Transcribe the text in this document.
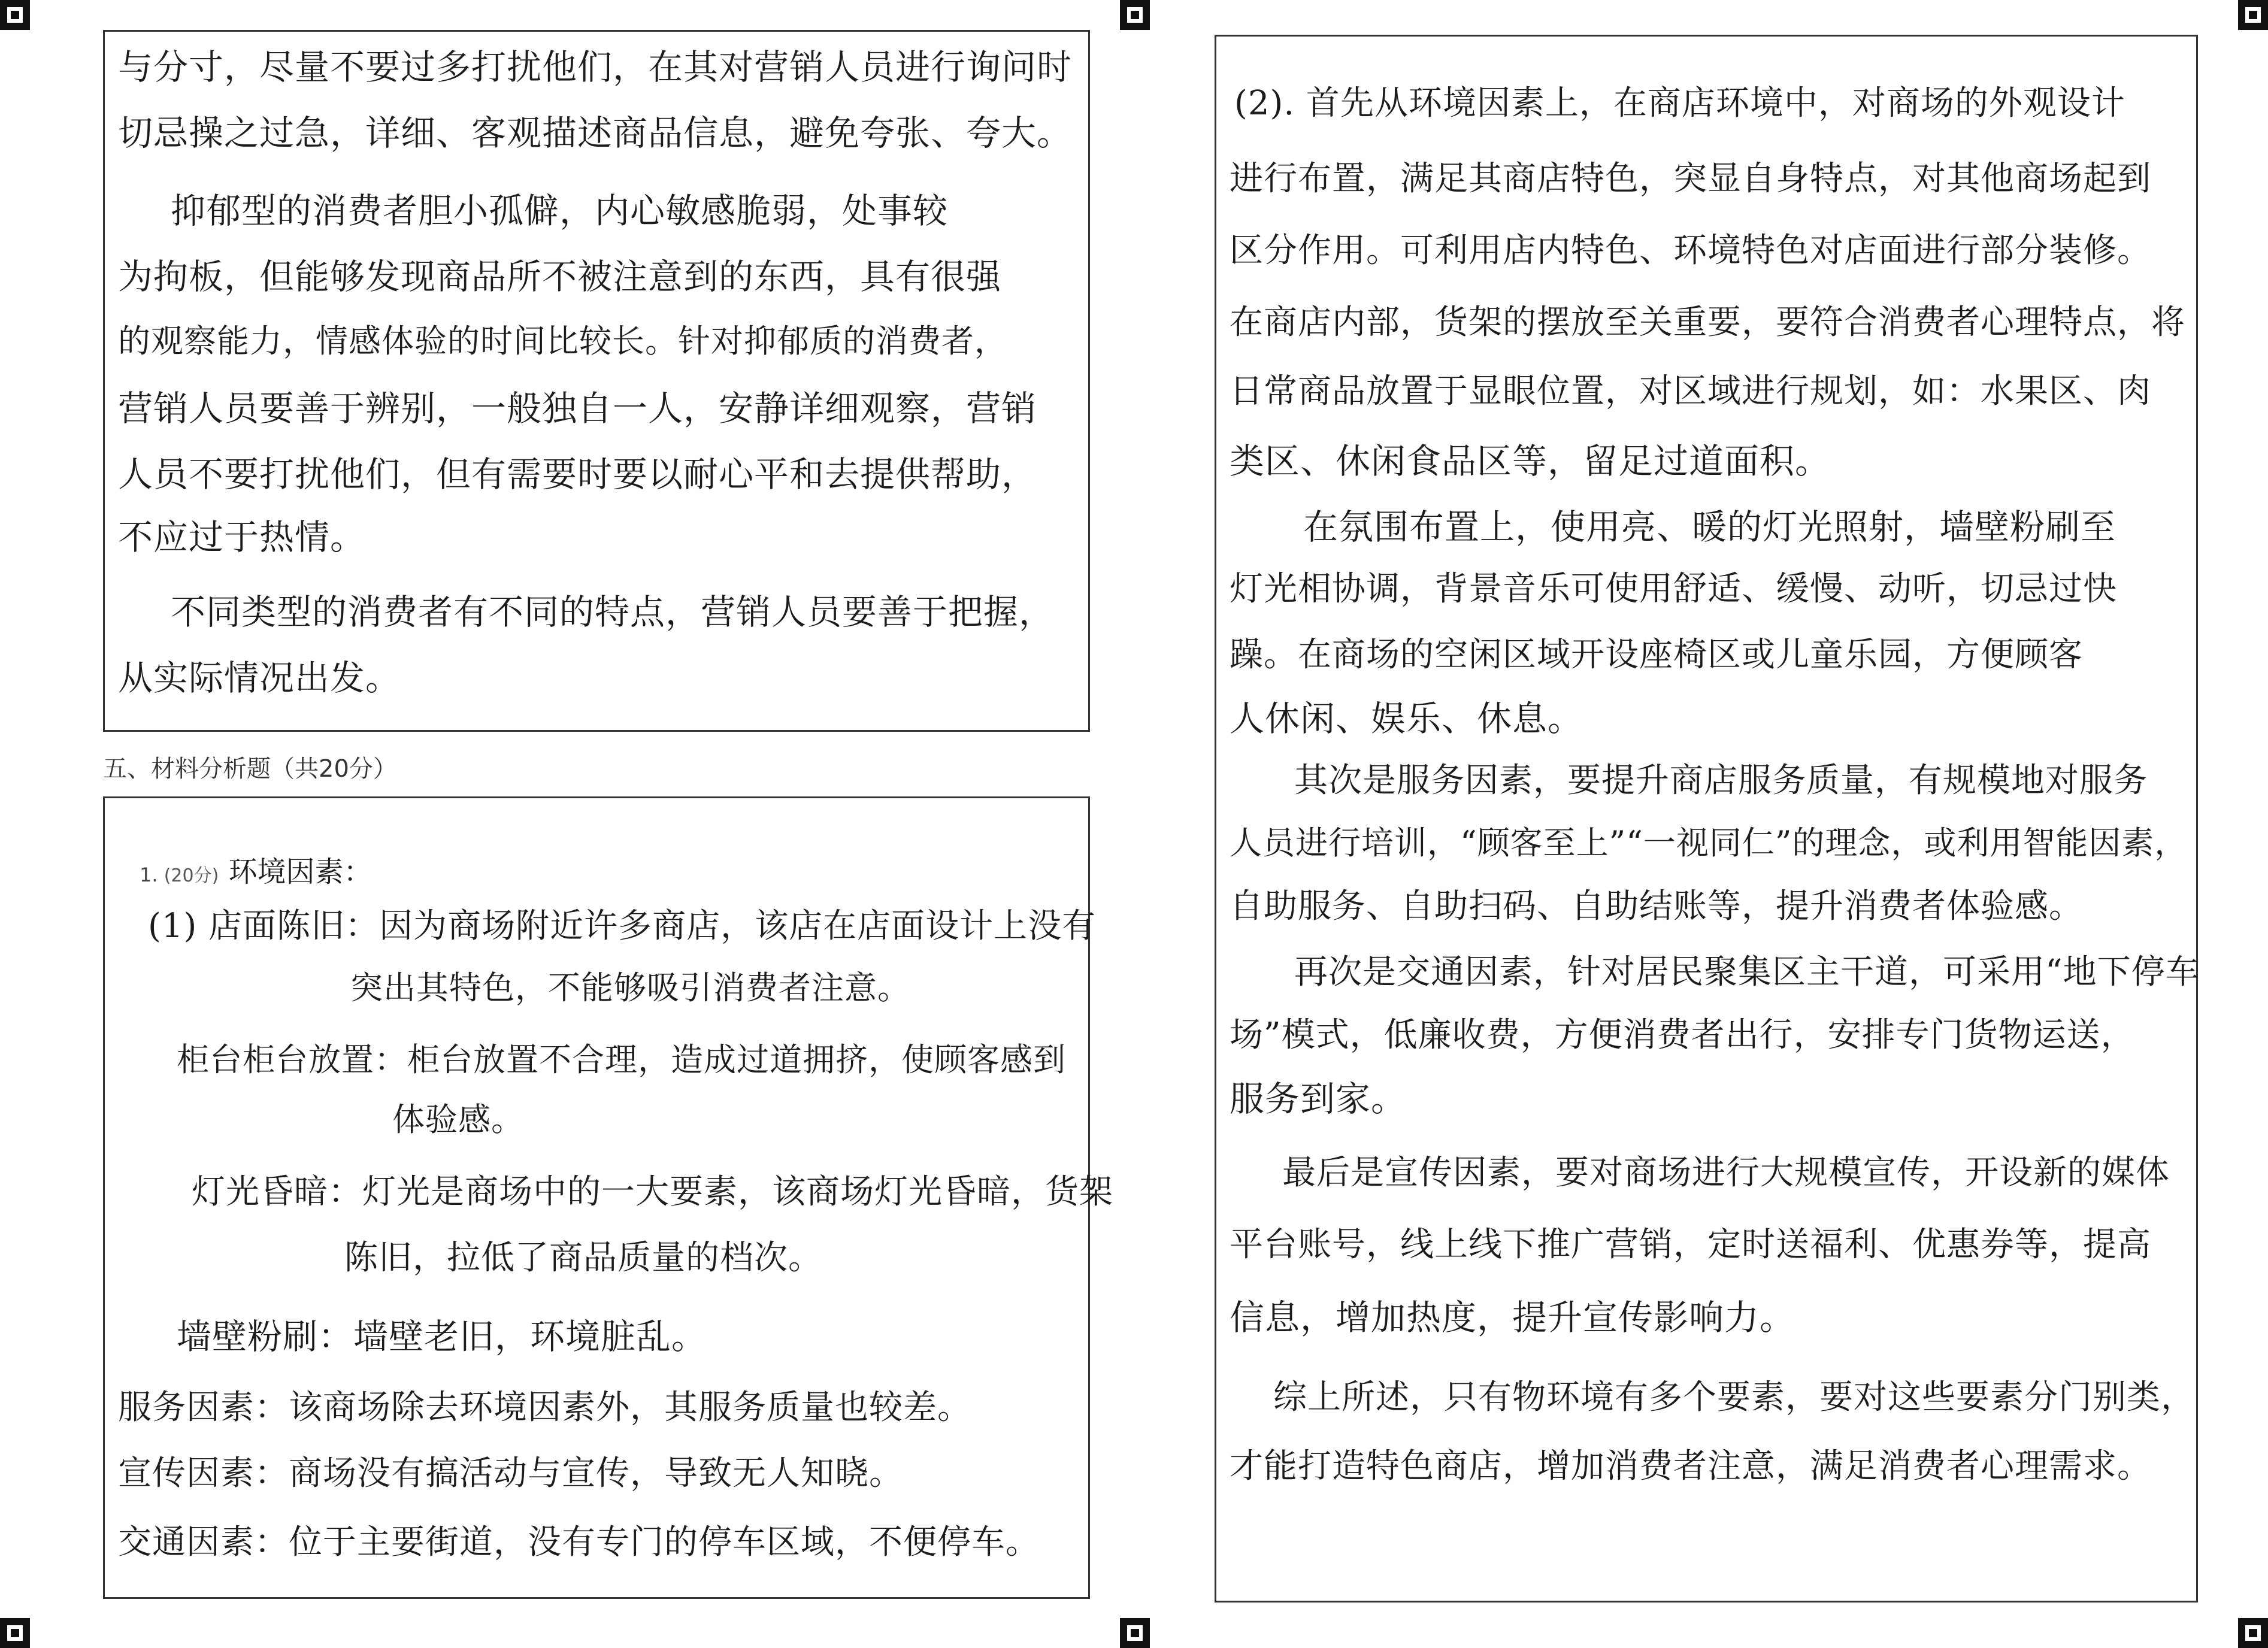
与分寸，尽量不要过多打扰他们，在其对营销人员进行询问时
切忌操之过急，详细、客观描述商品信息，避免夸张、夸大。
抑郁型的消费者胆小孤僻，内心敏感脆弱，处事较
为拘板，但能够发现商品所不被注意到的东西，具有很强
的观察能力，情感体验的时间比较长。针对抑郁质的消费者，
营销人员要善于辨别，一般独自一人，安静详细观察，营销
人员不要打扰他们，但有需要时要以耐心平和去提供帮助，
不应过于热情。
不同类型的消费者有不同的特点，营销人员要善于把握，
从实际情况出发。
五、材料分析题（共20分）
1. (20分) 环境因素：
(1) 店面陈旧：因为商场附近许多商店，该店在店面设计上没有
突出其特色，不能够吸引消费者注意。
柜台柜台放置：柜台放置不合理，造成过道拥挤，使顾客感到
体验感。
灯光昏暗：灯光是商场中的一大要素，该商场灯光昏暗，货架
陈旧，拉低了商品质量的档次。
墙壁粉刷：墙壁老旧，环境脏乱。
服务因素：该商场除去环境因素外，其服务质量也较差。
宣传因素：商场没有搞活动与宣传，导致无人知晓。
交通因素：位于主要街道，没有专门的停车区域，不便停车。
(2). 首先从环境因素上，在商店环境中，对商场的外观设计
进行布置，满足其商店特色，突显自身特点，对其他商场起到
区分作用。可利用店内特色、环境特色对店面进行部分装修。
在商店内部，货架的摆放至关重要，要符合消费者心理特点，将
日常商品放置于显眼位置，对区域进行规划，如：水果区、肉
类区、休闲食品区等，留足过道面积。
在氛围布置上，使用亮、暖的灯光照射，墙壁粉刷至
灯光相协调，背景音乐可使用舒适、缓慢、动听，切忌过快
躁。在商场的空闲区域开设座椅区或儿童乐园，方便顾客
人休闲、娱乐、休息。
其次是服务因素，要提升商店服务质量，有规模地对服务
人员进行培训，“顾客至上”“一视同仁”的理念，或利用智能因素，
自助服务、自助扫码、自助结账等，提升消费者体验感。
再次是交通因素，针对居民聚集区主干道，可采用“地下停车
场”模式，低廉收费，方便消费者出行，安排专门货物运送，
服务到家。
最后是宣传因素，要对商场进行大规模宣传，开设新的媒体
平台账号，线上线下推广营销，定时送福利、优惠券等，提高
信息，增加热度，提升宣传影响力。
综上所述，只有物环境有多个要素，要对这些要素分门别类，
才能打造特色商店，增加消费者注意，满足消费者心理需求。
